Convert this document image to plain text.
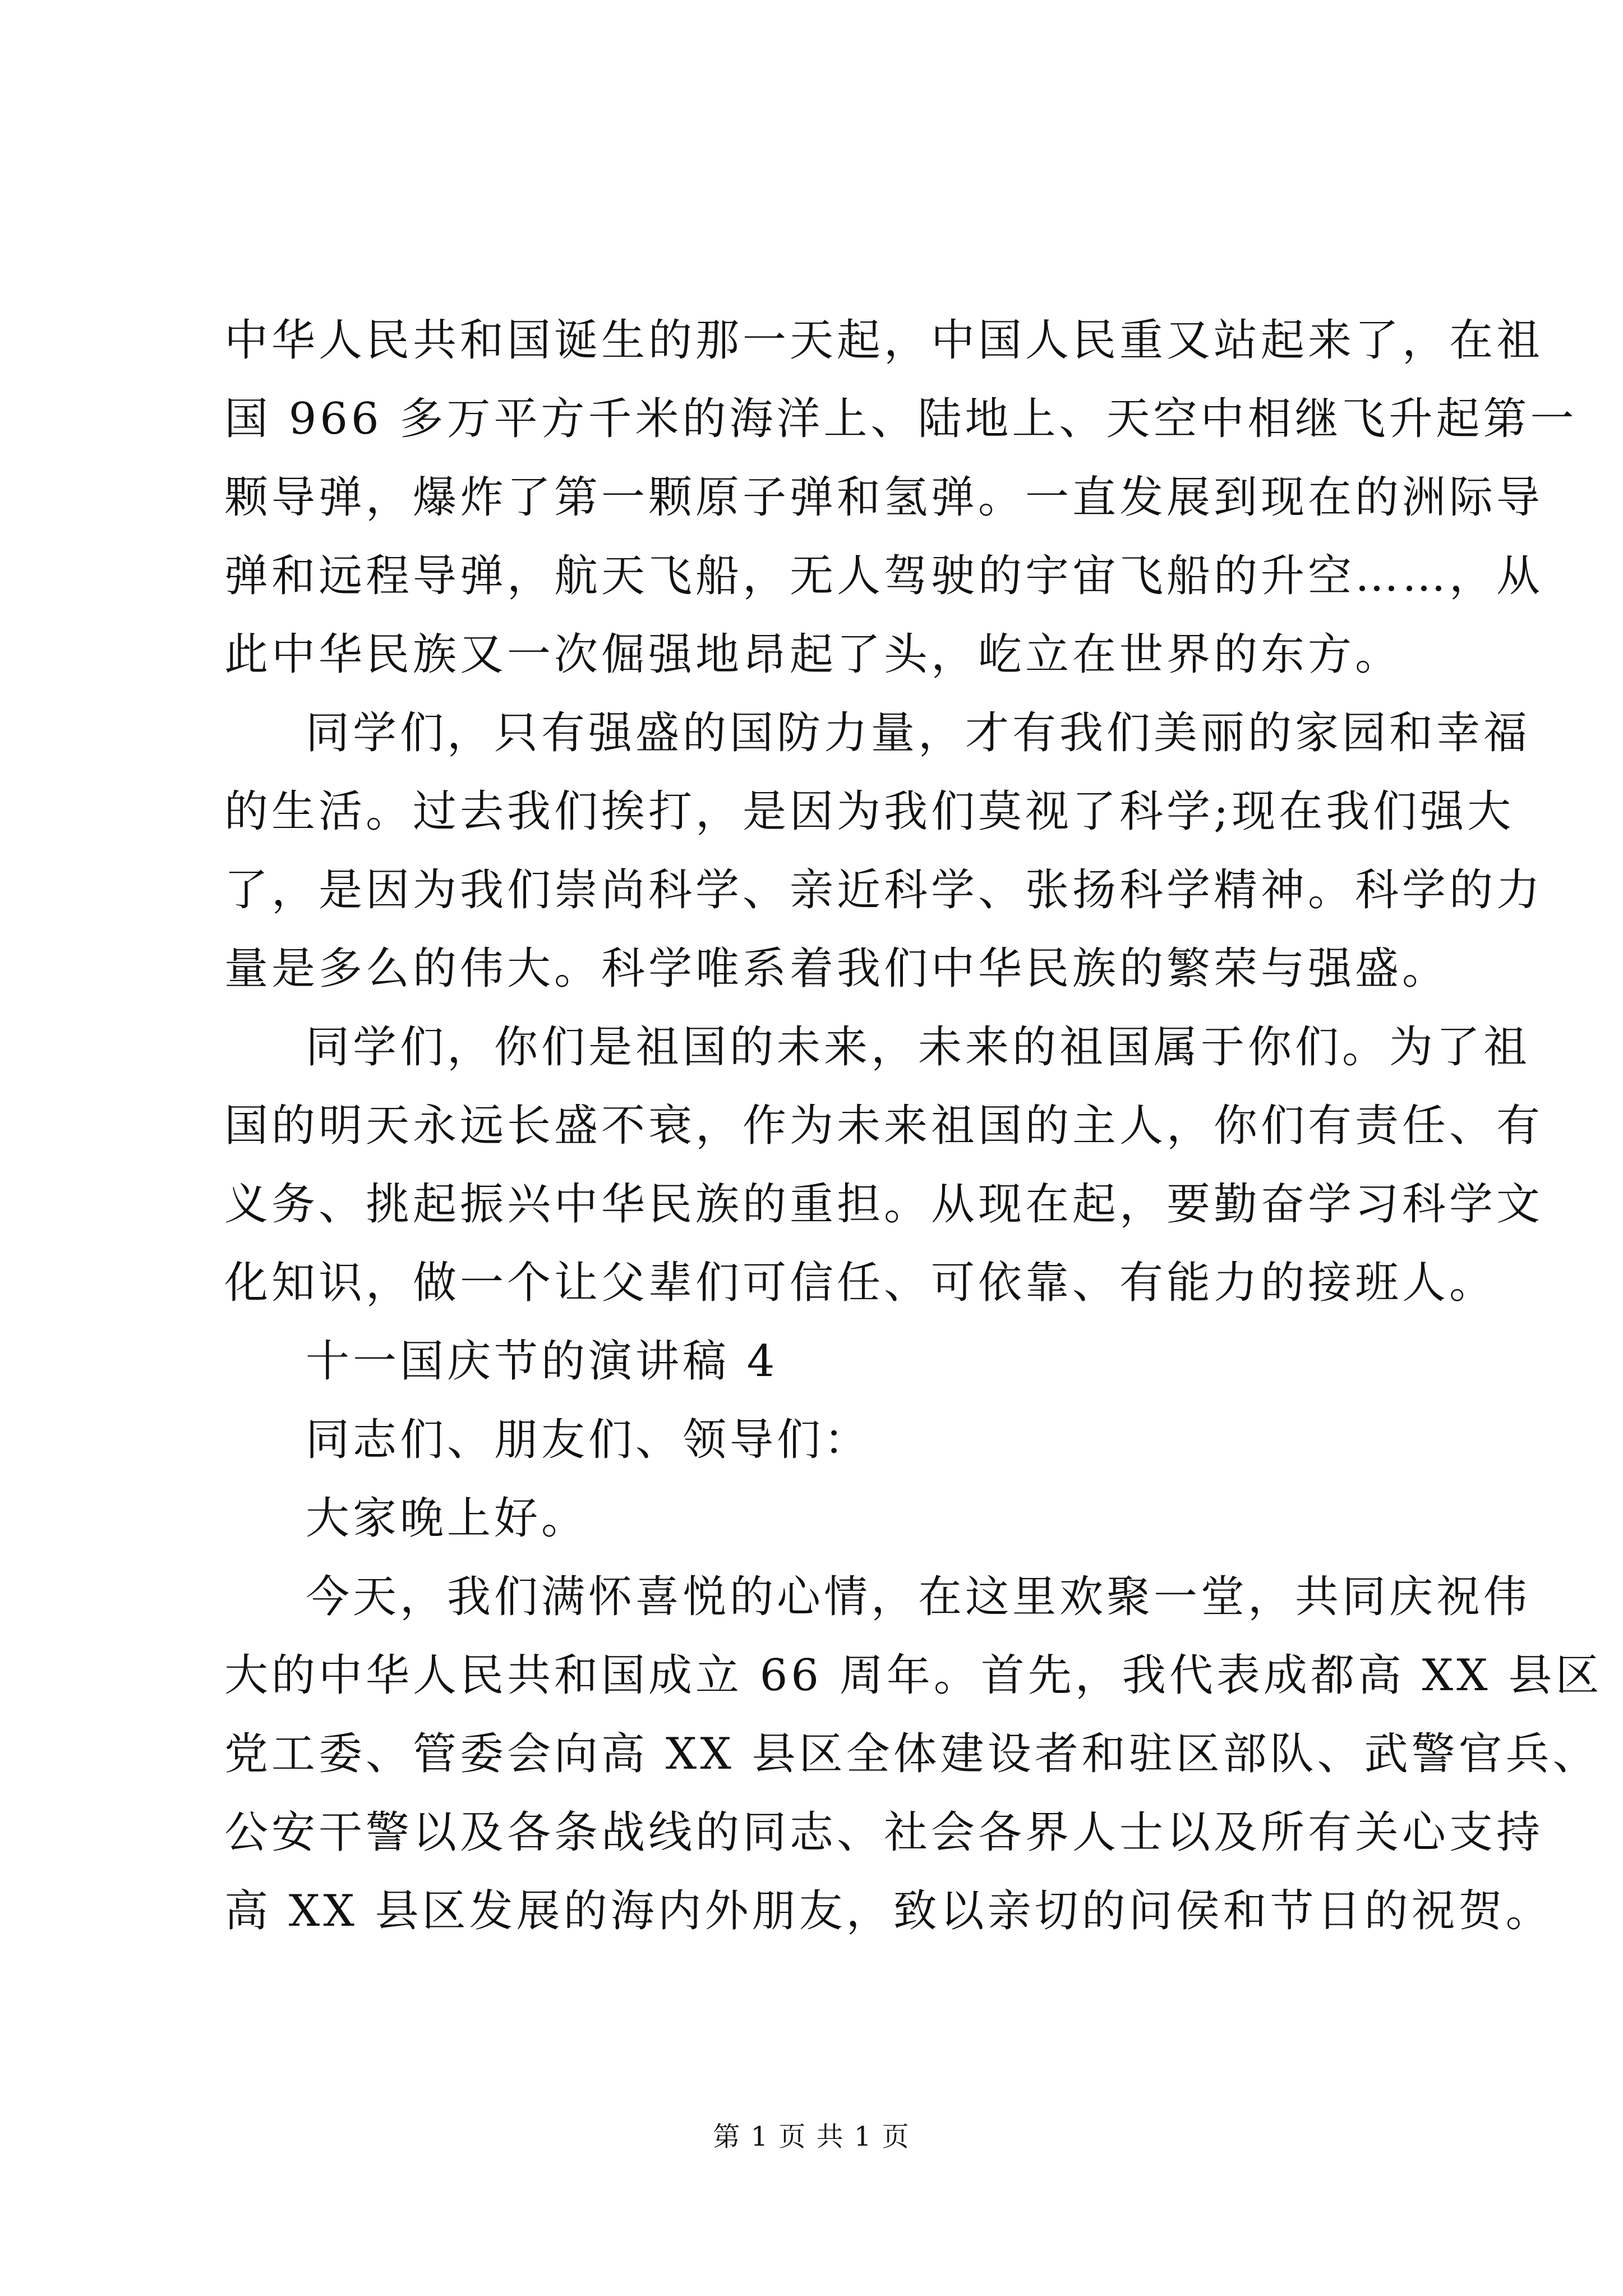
中华人民共和国诞生的那一天起，中国人民重又站起来了，在祖
国 966 多万平方千米的海洋上、陆地上、天空中相继飞升起第一
颗导弹，爆炸了第一颗原子弹和氢弹。一直发展到现在的洲际导
弹和远程导弹，航天飞船，无人驾驶的宇宙飞船的升空……，从
此中华民族又一次倔强地昂起了头，屹立在世界的东方。
同学们，只有强盛的国防力量，才有我们美丽的家园和幸福
的生活。过去我们挨打，是因为我们莫视了科学;现在我们强大
了，是因为我们崇尚科学、亲近科学、张扬科学精神。科学的力
量是多么的伟大。科学唯系着我们中华民族的繁荣与强盛。
同学们，你们是祖国的未来，未来的祖国属于你们。为了祖
国的明天永远长盛不衰，作为未来祖国的主人，你们有责任、有
义务、挑起振兴中华民族的重担。从现在起，要勤奋学习科学文
化知识，做一个让父辈们可信任、可依靠、有能力的接班人。
十一国庆节的演讲稿 4
同志们、朋友们、领导们：
大家晚上好。
今天，我们满怀喜悦的心情，在这里欢聚一堂，共同庆祝伟
大的中华人民共和国成立 66 周年。首先，我代表成都高 XX 县区
党工委、管委会向高 XX 县区全体建设者和驻区部队、武警官兵、
公安干警以及各条战线的同志、社会各界人士以及所有关心支持
高 XX 县区发展的海内外朋友，致以亲切的问侯和节日的祝贺。
第 1 页 共 1 页
